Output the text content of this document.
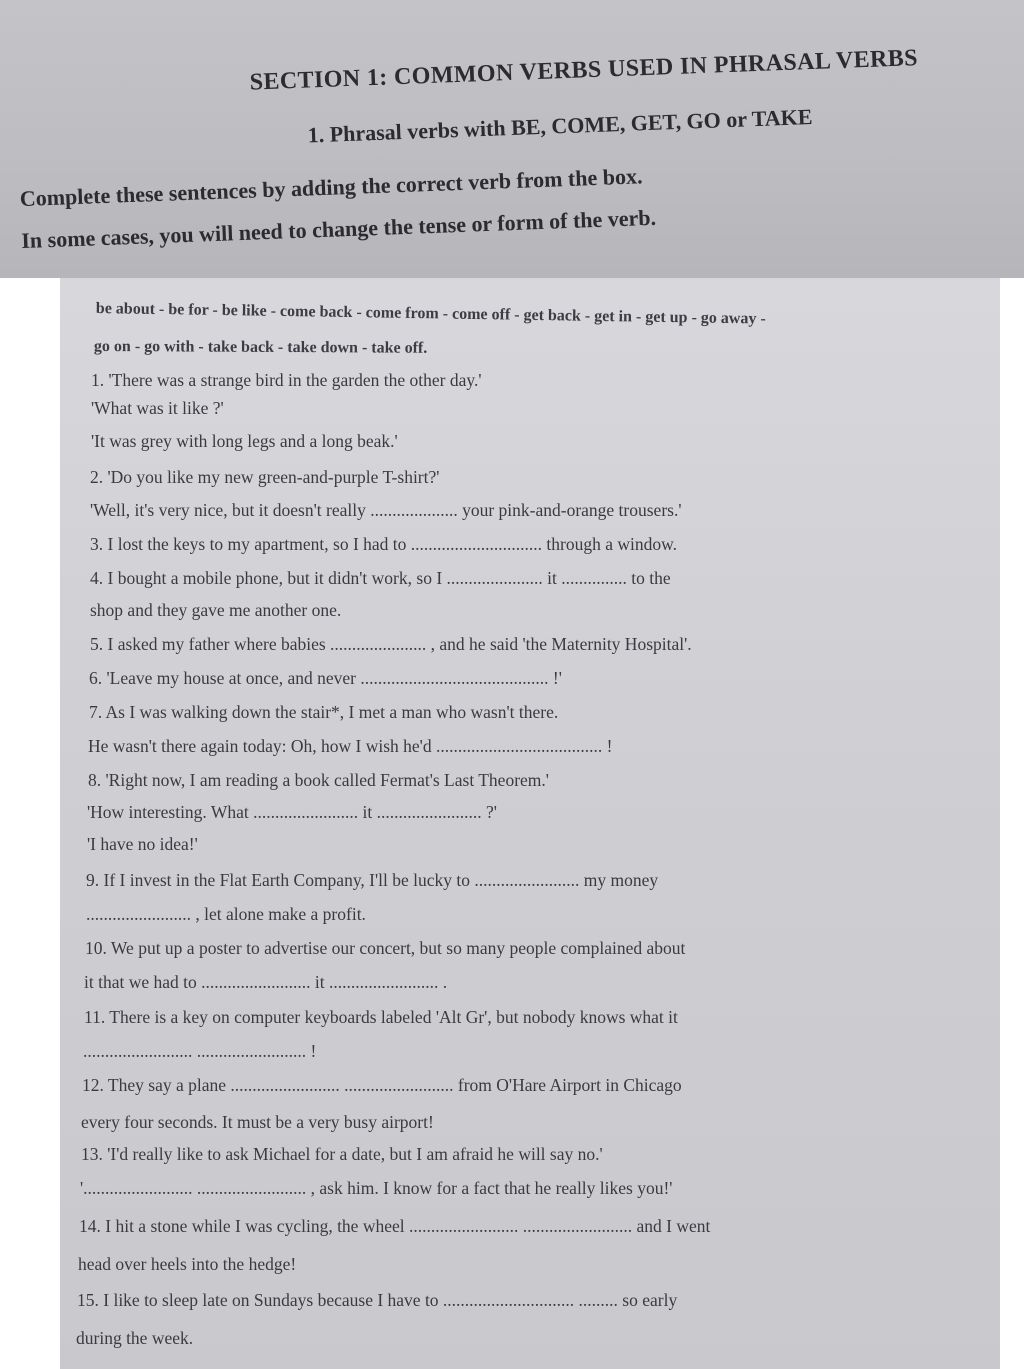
SECTION 1: COMMON VERBS USED IN PHRASAL VERBS
1. Phrasal verbs with BE, COME, GET, GO or TAKE
Complete these sentences by adding the correct verb from the box.
In some cases, you will need to change the tense or form of the verb.
be about - be for - be like - come back - come from - come off - get back - get in - get up - go away -
go on - go with - take back - take down - take off.
1. 'There was a strange bird in the garden the other day.'
'What was it like ?'
'It was grey with long legs and a long beak.'
2. 'Do you like my new green-and-purple T-shirt?'
'Well, it's very nice, but it doesn't really .................... your pink-and-orange trousers.'
3. I lost the keys to my apartment, so I had to .............................. through a window.
4. I bought a mobile phone, but it didn't work, so I ...................... it ............... to the
shop and they gave me another one.
5. I asked my father where babies ...................... , and he said 'the Maternity Hospital'.
6. 'Leave my house at once, and never ........................................... !'
7. As I was walking down the stair*, I met a man who wasn't there.
He wasn't there again today: Oh, how I wish he'd ...................................... !
8. 'Right now, I am reading a book called Fermat's Last Theorem.'
'How interesting. What ........................ it ........................ ?'
'I have no idea!'
9. If I invest in the Flat Earth Company, I'll be lucky to ........................ my money
........................ , let alone make a profit.
10. We put up a poster to advertise our concert, but so many people complained about
it that we had to ......................... it ......................... .
11. There is a key on computer keyboards labeled 'Alt Gr', but nobody knows what it
......................... ......................... !
12. They say a plane ......................... ......................... from O'Hare Airport in Chicago
every four seconds. It must be a very busy airport!
13. 'I'd really like to ask Michael for a date, but I am afraid he will say no.'
'......................... ......................... , ask him. I know for a fact that he really likes you!'
14. I hit a stone while I was cycling, the wheel ......................... ......................... and I went
head over heels into the hedge!
15. I like to sleep late on Sundays because I have to .............................. ......... so early
during the week.
